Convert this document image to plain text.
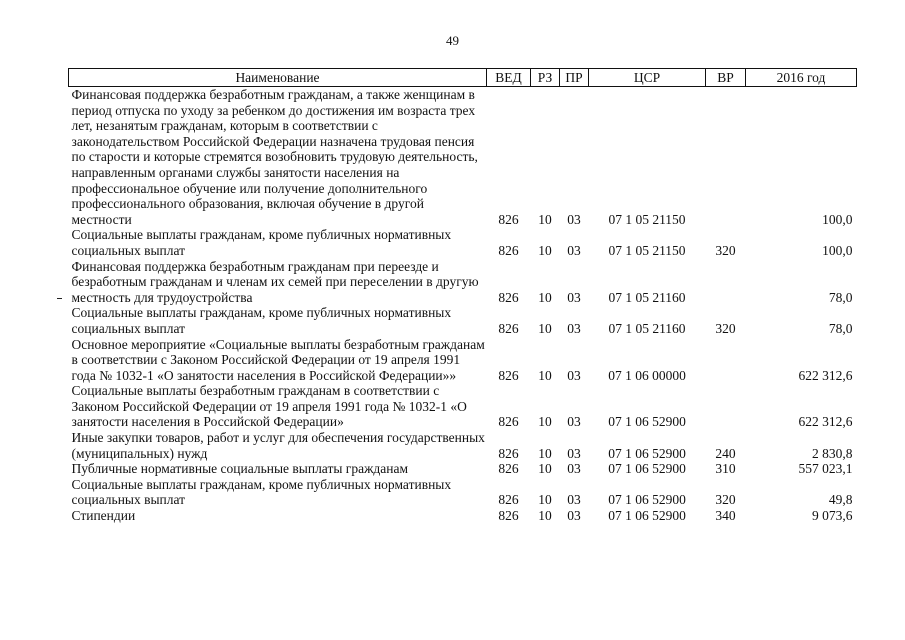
49
Наименование	ВЕД	РЗ	ПР	ЦСР	ВР	2016 год
Финансовая поддержка безработным гражданам, а также женщинам в период отпуска по уходу за ребенком до достижения им возраста трех лет, незанятым гражданам, которым в соответствии с законодательством Российской Федерации назначена трудовая пенсия по старости и которые стремятся возобновить трудовую деятельность, направленным органами службы занятости населения на профессиональное обучение или получение дополнительного профессионального образования, включая обучение в другой местности	826	10	03	07 1 05 21150		100,0
Социальные выплаты гражданам, кроме публичных нормативных социальных выплат	826	10	03	07 1 05 21150	320	100,0
Финансовая поддержка безработным гражданам при переезде и безработным гражданам и членам их семей при переселении в другую местность для трудоустройства	826	10	03	07 1 05 21160		78,0
Социальные выплаты гражданам, кроме публичных нормативных социальных выплат	826	10	03	07 1 05 21160	320	78,0
Основное мероприятие «Социальные выплаты безработным гражданам в соответствии с Законом Российской Федерации от 19 апреля 1991 года № 1032-1 «О занятости населения в Российской Федерации»»	826	10	03	07 1 06 00000		622 312,6
Социальные выплаты безработным гражданам в соответствии с Законом Российской Федерации от 19 апреля 1991 года № 1032-1 «О занятости населения в Российской Федерации»	826	10	03	07 1 06 52900		622 312,6
Иные закупки товаров, работ и услуг для обеспечения государственных (муниципальных) нужд	826	10	03	07 1 06 52900	240	2 830,8
Публичные нормативные социальные выплаты гражданам	826	10	03	07 1 06 52900	310	557 023,1
Социальные выплаты гражданам, кроме публичных нормативных социальных выплат	826	10	03	07 1 06 52900	320	49,8
Стипендии	826	10	03	07 1 06 52900	340	9 073,6
